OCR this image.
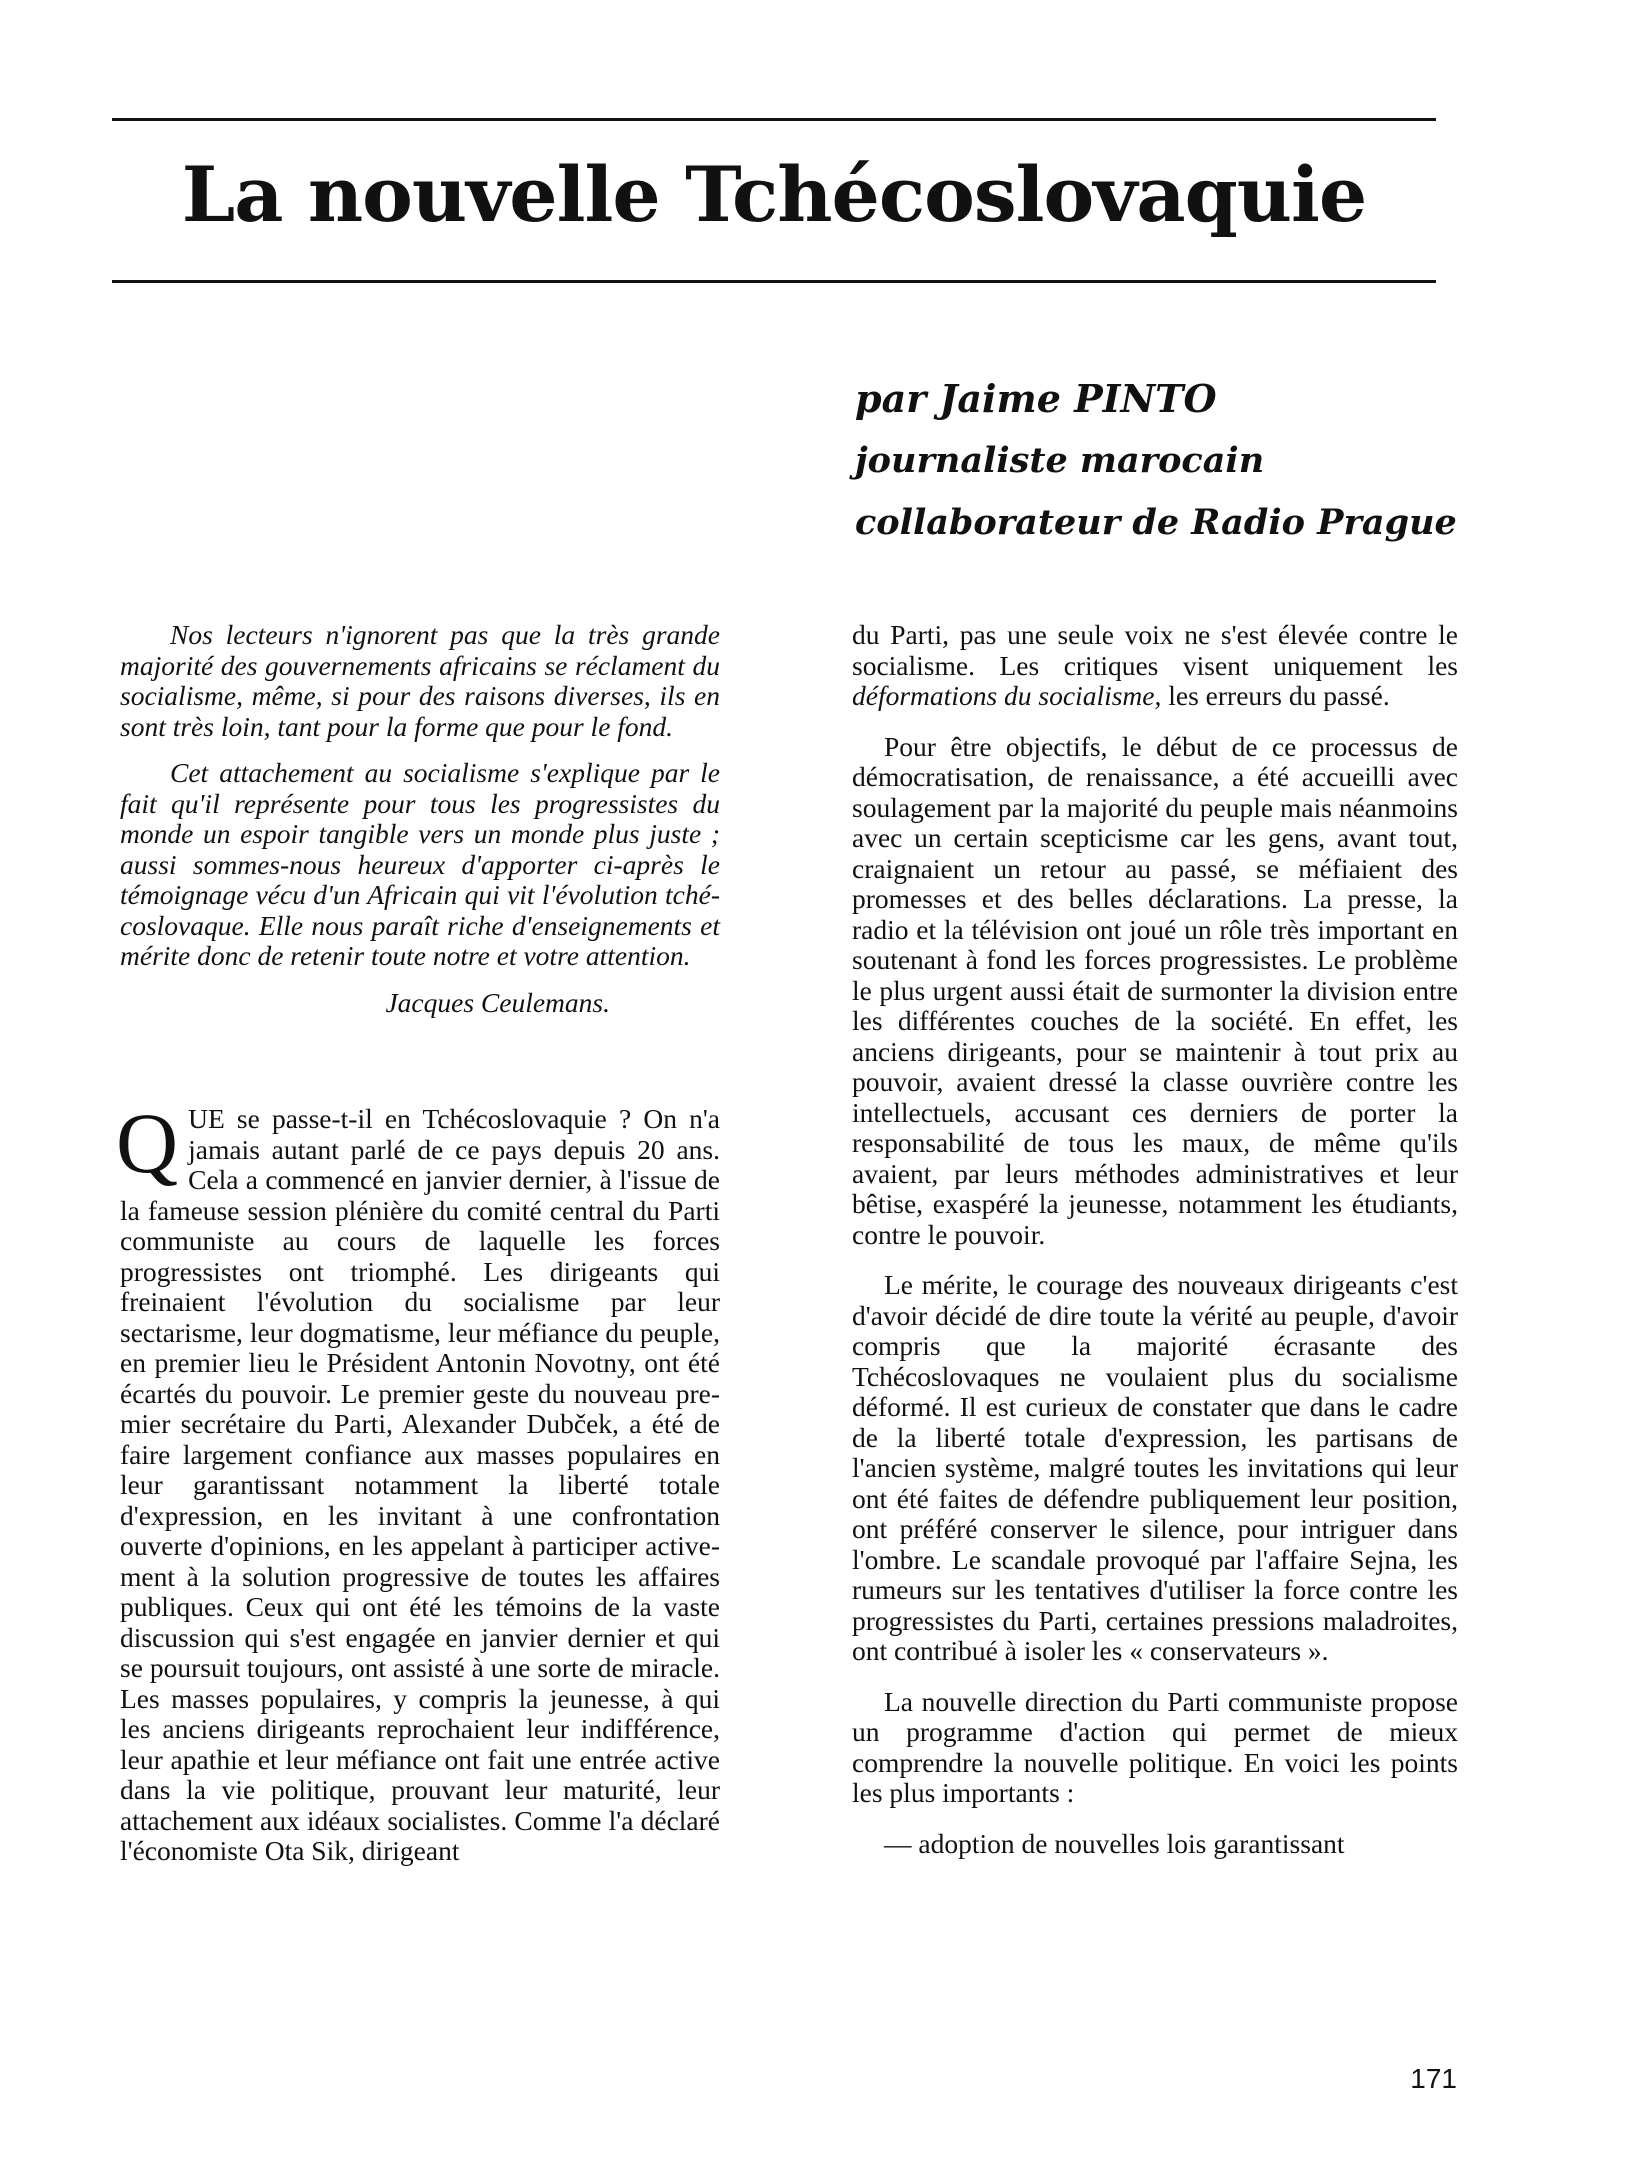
La nouvelle Tchécoslovaquie
par Jaime PINTO
journaliste marocain
collaborateur de Radio Prague

Nos lecteurs n'ignorent pas que la très grande majorité des gouvernements africains se réclament du socialisme, même, si pour des raisons diverses, ils en sont très loin, tant pour la forme que pour le fond.

Cet attachement au socialisme s'explique par le fait qu'il représente pour tous les progressistes du monde un espoir tangible vers un monde plus juste ; aussi sommes-nous heureux d'apporter ci-après le témoignage vécu d'un Africain qui vit l'évolution tchécoslovaque. Elle nous paraît riche d'enseignements et mérite donc de retenir toute notre et votre attention.

Jacques Ceulemans.

QUE se passe-t-il en Tchécoslovaquie ? On n'a jamais autant parlé de ce pays depuis 20 ans. Cela a commencé en janvier dernier, à l'issue de la fameuse session plénière du comité central du Parti communiste au cours de laquelle les forces progressistes ont triomphé. Les dirigeants qui freinaient l'évolution du socialisme par leur sectarisme, leur dogmatisme, leur méfiance du peuple, en premier lieu le Président Antonin Novotny, ont été écartés du pouvoir. Le premier geste du nouveau premier secrétaire du Parti, Alexander Dubček, a été de faire largement confiance aux masses populaires en leur garantissant notamment la liberté totale d'expression, en les invitant à une confrontation ouverte d'opinions, en les appelant à participer activement à la solution progressive de toutes les affaires publiques. Ceux qui ont été les témoins de la vaste discussion qui s'est engagée en janvier dernier et qui se poursuit toujours, ont assisté à une sorte de miracle. Les masses populaires, y compris la jeunesse, à qui les anciens dirigeants reprochaient leur indifférence, leur apathie et leur méfiance ont fait une entrée active dans la vie politique, prouvant leur maturité, leur attachement aux idéaux socialistes. Comme l'a déclaré l'économiste Ota Sik, dirigeant

du Parti, pas une seule voix ne s'est élevée contre le socialisme. Les critiques visent uniquement les déformations du socialisme, les erreurs du passé.

Pour être objectifs, le début de ce processus de démocratisation, de renaissance, a été accueilli avec soulagement par la majorité du peuple mais néanmoins avec un certain scepticisme car les gens, avant tout, craignaient un retour au passé, se méfiaient des promesses et des belles déclarations. La presse, la radio et la télévision ont joué un rôle très important en soutenant à fond les forces progressistes. Le problème le plus urgent aussi était de surmonter la division entre les différentes couches de la société. En effet, les anciens dirigeants, pour se maintenir à tout prix au pouvoir, avaient dressé la classe ouvrière contre les intellectuels, accusant ces derniers de porter la responsabilité de tous les maux, de même qu'ils avaient, par leurs méthodes administratives et leur bêtise, exaspéré la jeunesse, notamment les étudiants, contre le pouvoir.

Le mérite, le courage des nouveaux dirigeants c'est d'avoir décidé de dire toute la vérité au peuple, d'avoir compris que la majorité écrasante des Tchécoslovaques ne voulaient plus du socialisme déformé. Il est curieux de constater que dans le cadre de la liberté totale d'expression, les partisans de l'ancien système, malgré toutes les invitations qui leur ont été faites de défendre publiquement leur position, ont préféré conserver le silence, pour intriguer dans l'ombre. Le scandale provoqué par l'affaire Sejna, les rumeurs sur les tentatives d'utiliser la force contre les progressistes du Parti, certaines pressions maladroites, ont contribué à isoler les « conservateurs ».

La nouvelle direction du Parti communiste propose un programme d'action qui permet de mieux comprendre la nouvelle politique. En voici les points les plus importants :

— adoption de nouvelles lois garantissant

171
